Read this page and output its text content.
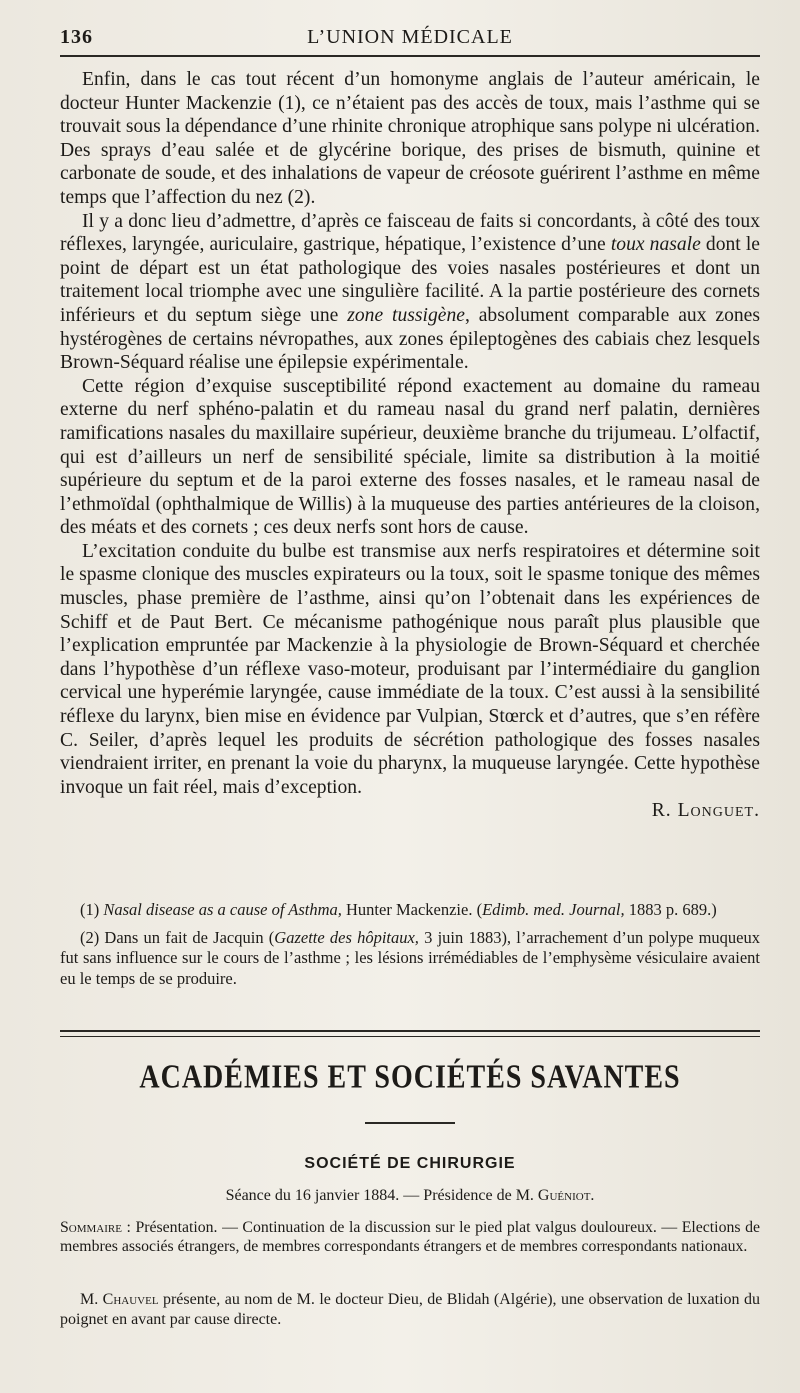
136	L’UNION MÉDICALE

Enfin, dans le cas tout récent d’un homonyme anglais de l’auteur américain, le docteur Hunter Mackenzie (1), ce n’étaient pas des accès de toux, mais l’asthme qui se trouvait sous la dépendance d’une rhinite chronique atrophique sans polype ni ulcération. Des sprays d’eau salée et de glycérine borique, des prises de bismuth, quinine et carbonate de soude, et des inhalations de vapeur de créosote guérirent l’asthme en même temps que l’affection du nez (2).

Il y a donc lieu d’admettre, d’après ce faisceau de faits si concordants, à côté des toux réflexes, laryngée, auriculaire, gastrique, hépatique, l’existence d’une toux nasale dont le point de départ est un état pathologique des voies nasales postérieures et dont un traitement local triomphe avec une singulière facilité. A la partie postérieure des cornets inférieurs et du septum siège une zone tussigène, absolument comparable aux zones hystérogènes de certains névropathes, aux zones épileptogènes des cabiais chez lesquels Brown-Séquard réalise une épilepsie expérimentale.

Cette région d’exquise susceptibilité répond exactement au domaine du rameau externe du nerf sphéno-palatin et du rameau nasal du grand nerf palatin, dernières ramifications nasales du maxillaire supérieur, deuxième branche du trijumeau. L’olfactif, qui est d’ailleurs un nerf de sensibilité spéciale, limite sa distribution à la moitié supérieure du septum et de la paroi externe des fosses nasales, et le rameau nasal de l’ethmoïdal (ophthalmique de Willis) à la muqueuse des parties antérieures de la cloison, des méats et des cornets ; ces deux nerfs sont hors de cause.

L’excitation conduite du bulbe est transmise aux nerfs respiratoires et détermine soit le spasme clonique des muscles expirateurs ou la toux, soit le spasme tonique des mêmes muscles, phase première de l’asthme, ainsi qu’on l’obtenait dans les expériences de Schiff et de Paut Bert. Ce mécanisme pathogénique nous paraît plus plausible que l’explication empruntée par Mackenzie à la physiologie de Brown-Séquard et cherchée dans l’hypothèse d’un réflexe vaso-moteur, produisant par l’intermédiaire du ganglion cervical une hyperémie laryngée, cause immédiate de la toux. C’est aussi à la sensibilité réflexe du larynx, bien mise en évidence par Vulpian, Stœrck et d’autres, que s’en réfère C. Seiler, d’après lequel les produits de sécrétion pathologique des fosses nasales viendraient irriter, en prenant la voie du pharynx, la muqueuse laryngée. Cette hypothèse invoque un fait réel, mais d’exception.

R. Longuet.

(1) Nasal disease as a cause of Asthma, Hunter Mackenzie. (Edimb. med. Journal, 1883 p. 689.)

(2) Dans un fait de Jacquin (Gazette des hôpitaux, 3 juin 1883), l’arrachement d’un polype muqueux fut sans influence sur le cours de l’asthme ; les lésions irrémédiables de l’emphysème vésiculaire avaient eu le temps de se produire.

ACADÉMIES ET SOCIÉTÉS SAVANTES
SOCIÉTÉ DE CHIRURGIE
Séance du 16 janvier 1884. — Présidence de M. Guéniot.
Sommaire : Présentation. — Continuation de la discussion sur le pied plat valgus douloureux. — Elections de membres associés étrangers, de membres correspondants étrangers et de membres correspondants nationaux.
M. Chauvel présente, au nom de M. le docteur Dieu, de Blidah (Algérie), une observation de luxation du poignet en avant par cause directe.
